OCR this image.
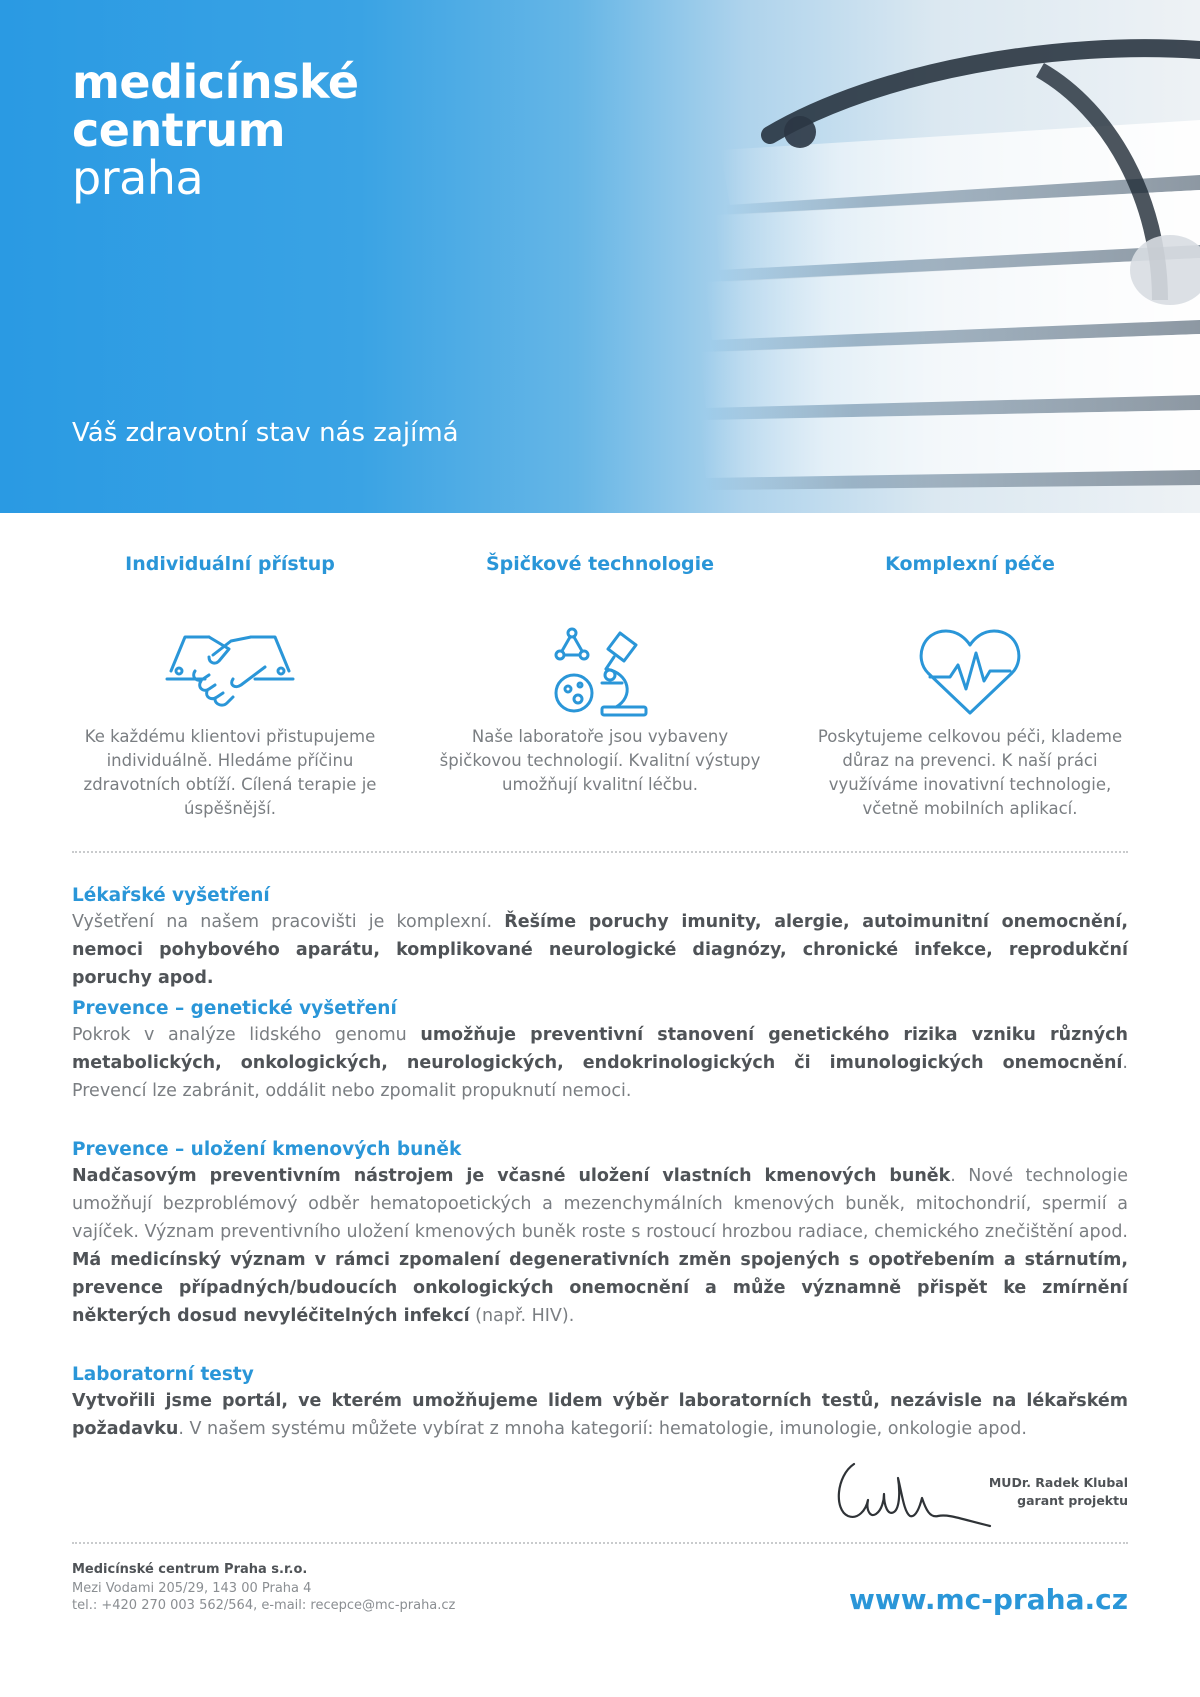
medicínské
centrum
praha
Váš zdravotní stav nás zajímá
Individuální přístup

Ke každému klientovi přistupujeme individuálně. Hledáme příčinu zdravotních obtíží. Cílená terapie je úspěšnější.

Špičkové technologie

Naše laboratoře jsou vybaveny špičkovou technologií. Kvalitní výstupy umožňují kvalitní léčbu.

Komplexní péče

Poskytujeme celkovou péči, klademe důraz na prevenci. K naší práci využíváme inovativní technologie, včetně mobilních aplikací.

Lékařské vyšetření

Vyšetření na našem pracovišti je komplexní. Řešíme poruchy imunity, alergie, autoimunitní onemocnění, nemoci pohybového aparátu, komplikované neurologické diagnózy, chronické infekce, reprodukční poruchy apod.

Prevence – genetické vyšetření

Pokrok v analýze lidského genomu umožňuje preventivní stanovení genetického rizika vzniku různých metabolických, onkologických, neurologických, endokrinologických či imunologických onemocnění. Prevencí lze zabránit, oddálit nebo zpomalit propuknutí nemoci.

Prevence – uložení kmenových buněk

Nadčasovým preventivním nástrojem je včasné uložení vlastních kmenových buněk. Nové technologie umožňují bezproblémový odběr hematopoetických a mezenchymálních kmenových buněk, mitochondrií, spermií a vajíček. Význam preventivního uložení kmenových buněk roste s rostoucí hrozbou radiace, chemického znečištění apod. Má medicínský význam v rámci zpomalení degenerativních změn spojených s opotřebením a stárnutím, prevence případných/budoucích onkologických onemocnění a může významně přispět ke zmírnění některých dosud nevyléčitelných infekcí (např. HIV).

Laboratorní testy

Vytvořili jsme portál, ve kterém umožňujeme lidem výběr laboratorních testů, nezávisle na lékařském požadavku. V našem systému můžete vybírat z mnoha kategorií: hematologie, imunologie, onkologie apod.

MUDr. Radek Klubal
garant projektu
Medicínské centrum Praha s.r.o.
Mezi Vodami 205/29, 143 00 Praha 4
tel.: +420 270 003 562/564, e-mail: recepce@mc-praha.cz	www.mc-praha.cz
